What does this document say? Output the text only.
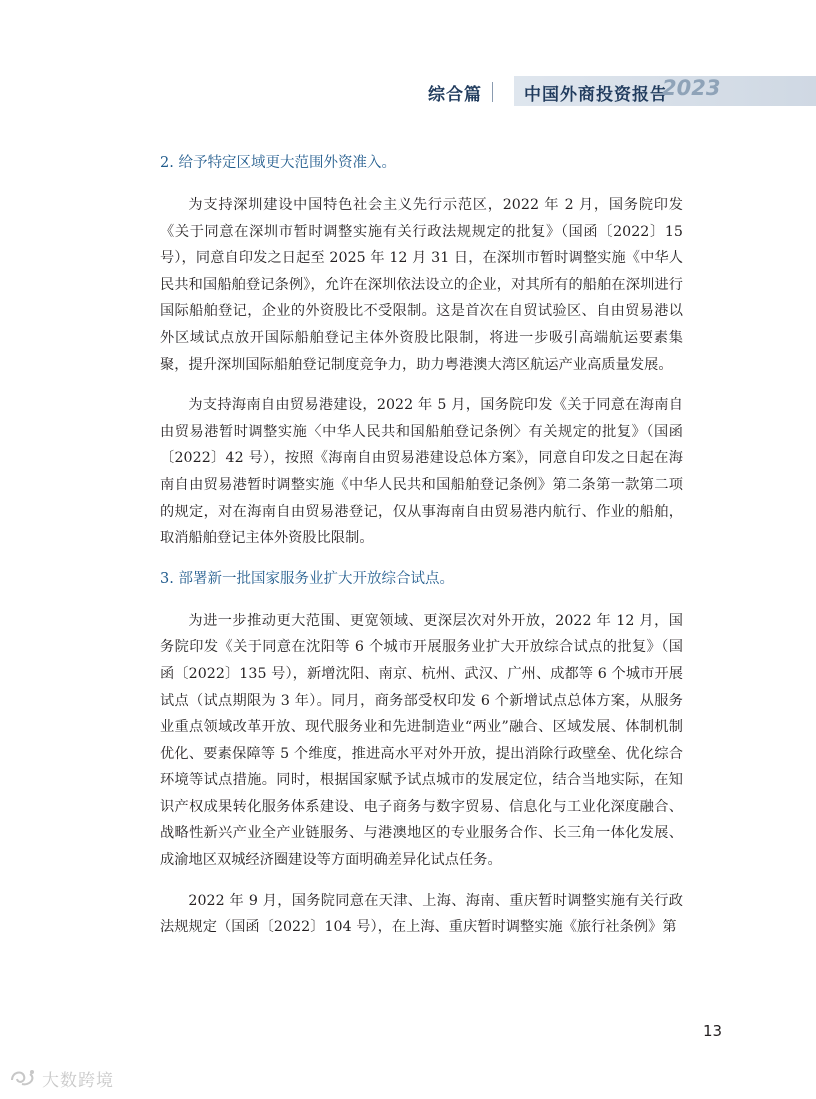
综合篇 中国外商投资报告
2023

2. 给予特定区域更大范围外资准入。

为支持深圳建设中国特色社会主义先行示范区，2022 年 2 月，国务院印发《关于同意在深圳市暂时调整实施有关行政法规规定的批复》（国函〔2022〕15 号），同意自印发之日起至 2025 年 12 月 31 日，在深圳市暂时调整实施《中华人民共和国船舶登记条例》，允许在深圳依法设立的企业，对其所有的船舶在深圳进行国际船舶登记，企业的外资股比不受限制。这是首次在自贸试验区、自由贸易港以外区域试点放开国际船舶登记主体外资股比限制，将进一步吸引高端航运要素集聚，提升深圳国际船舶登记制度竞争力，助力粤港澳大湾区航运产业高质量发展。

为支持海南自由贸易港建设，2022 年 5 月，国务院印发《关于同意在海南自由贸易港暂时调整实施〈中华人民共和国船舶登记条例〉有关规定的批复》（国函〔2022〕42 号），按照《海南自由贸易港建设总体方案》，同意自印发之日起在海南自由贸易港暂时调整实施《中华人民共和国船舶登记条例》第二条第一款第二项的规定，对在海南自由贸易港登记，仅从事海南自由贸易港内航行、作业的船舶，取消船舶登记主体外资股比限制。

3. 部署新一批国家服务业扩大开放综合试点。

为进一步推动更大范围、更宽领域、更深层次对外开放，2022 年 12 月，国务院印发《关于同意在沈阳等 6 个城市开展服务业扩大开放综合试点的批复》（国函〔2022〕135 号），新增沈阳、南京、杭州、武汉、广州、成都等 6 个城市开展试点（试点期限为 3 年）。同月，商务部受权印发 6 个新增试点总体方案，从服务业重点领域改革开放、现代服务业和先进制造业“两业”融合、区域发展、体制机制优化、要素保障等 5 个维度，推进高水平对外开放，提出消除行政壁垒、优化综合环境等试点措施。同时，根据国家赋予试点城市的发展定位，结合当地实际，在知识产权成果转化服务体系建设、电子商务与数字贸易、信息化与工业化深度融合、战略性新兴产业全产业链服务、与港澳地区的专业服务合作、长三角一体化发展、成渝地区双城经济圈建设等方面明确差异化试点任务。

2022 年 9 月，国务院同意在天津、上海、海南、重庆暂时调整实施有关行政法规规定（国函〔2022〕104 号），在上海、重庆暂时调整实施《旅行社条例》第

13
大数跨境
